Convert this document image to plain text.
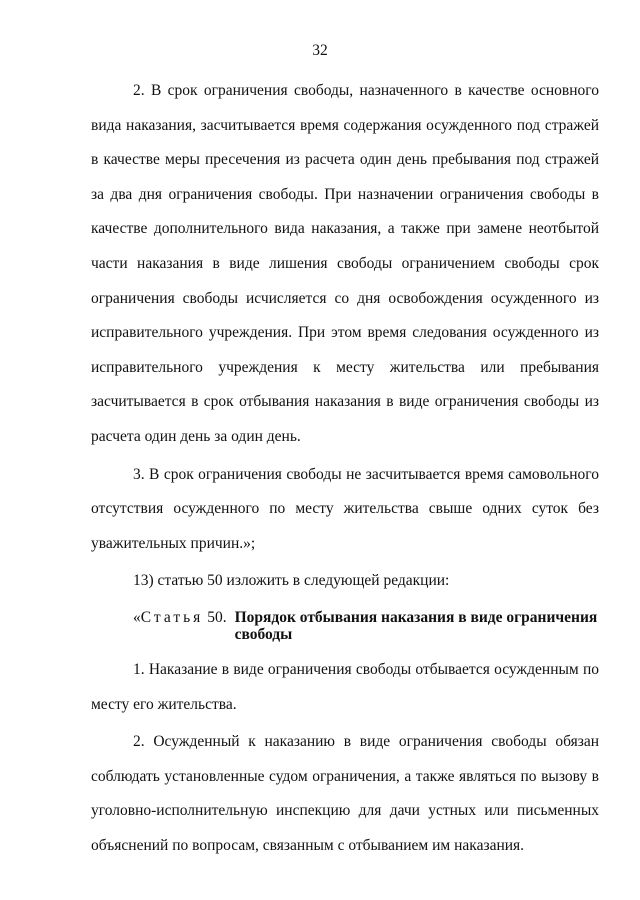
32

2. В срок ограничения свободы, назначенного в качестве основного вида наказания, засчитывается время содержания осужденного под стражей в качестве меры пресечения из расчета один день пребывания под стражей за два дня ограничения свободы. При назначении ограничения свободы в качестве дополнительного вида наказания, а также при замене неотбытой части наказания в виде лишения свободы ограничением свободы срок ограничения свободы исчисляется со дня освобождения осужденного из исправительного учреждения. При этом время следования осужденного из исправительного учреждения к месту жительства или пребывания засчитывается в срок отбывания наказания в виде ограничения свободы из расчета один день за один день.

3. В срок ограничения свободы не засчитывается время самовольного отсутствия осужденного по месту жительства свыше одних суток без уважительных причин.»;

13) статью 50 изложить в следующей редакции:

«Статья 50. Порядок отбывания наказания в виде ограничения свободы

1. Наказание в виде ограничения свободы отбывается осужденным по месту его жительства.

2. Осужденный к наказанию в виде ограничения свободы обязан соблюдать установленные судом ограничения, а также являться по вызову в уголовно-исполнительную инспекцию для дачи устных или письменных объяснений по вопросам, связанным с отбыванием им наказания.
